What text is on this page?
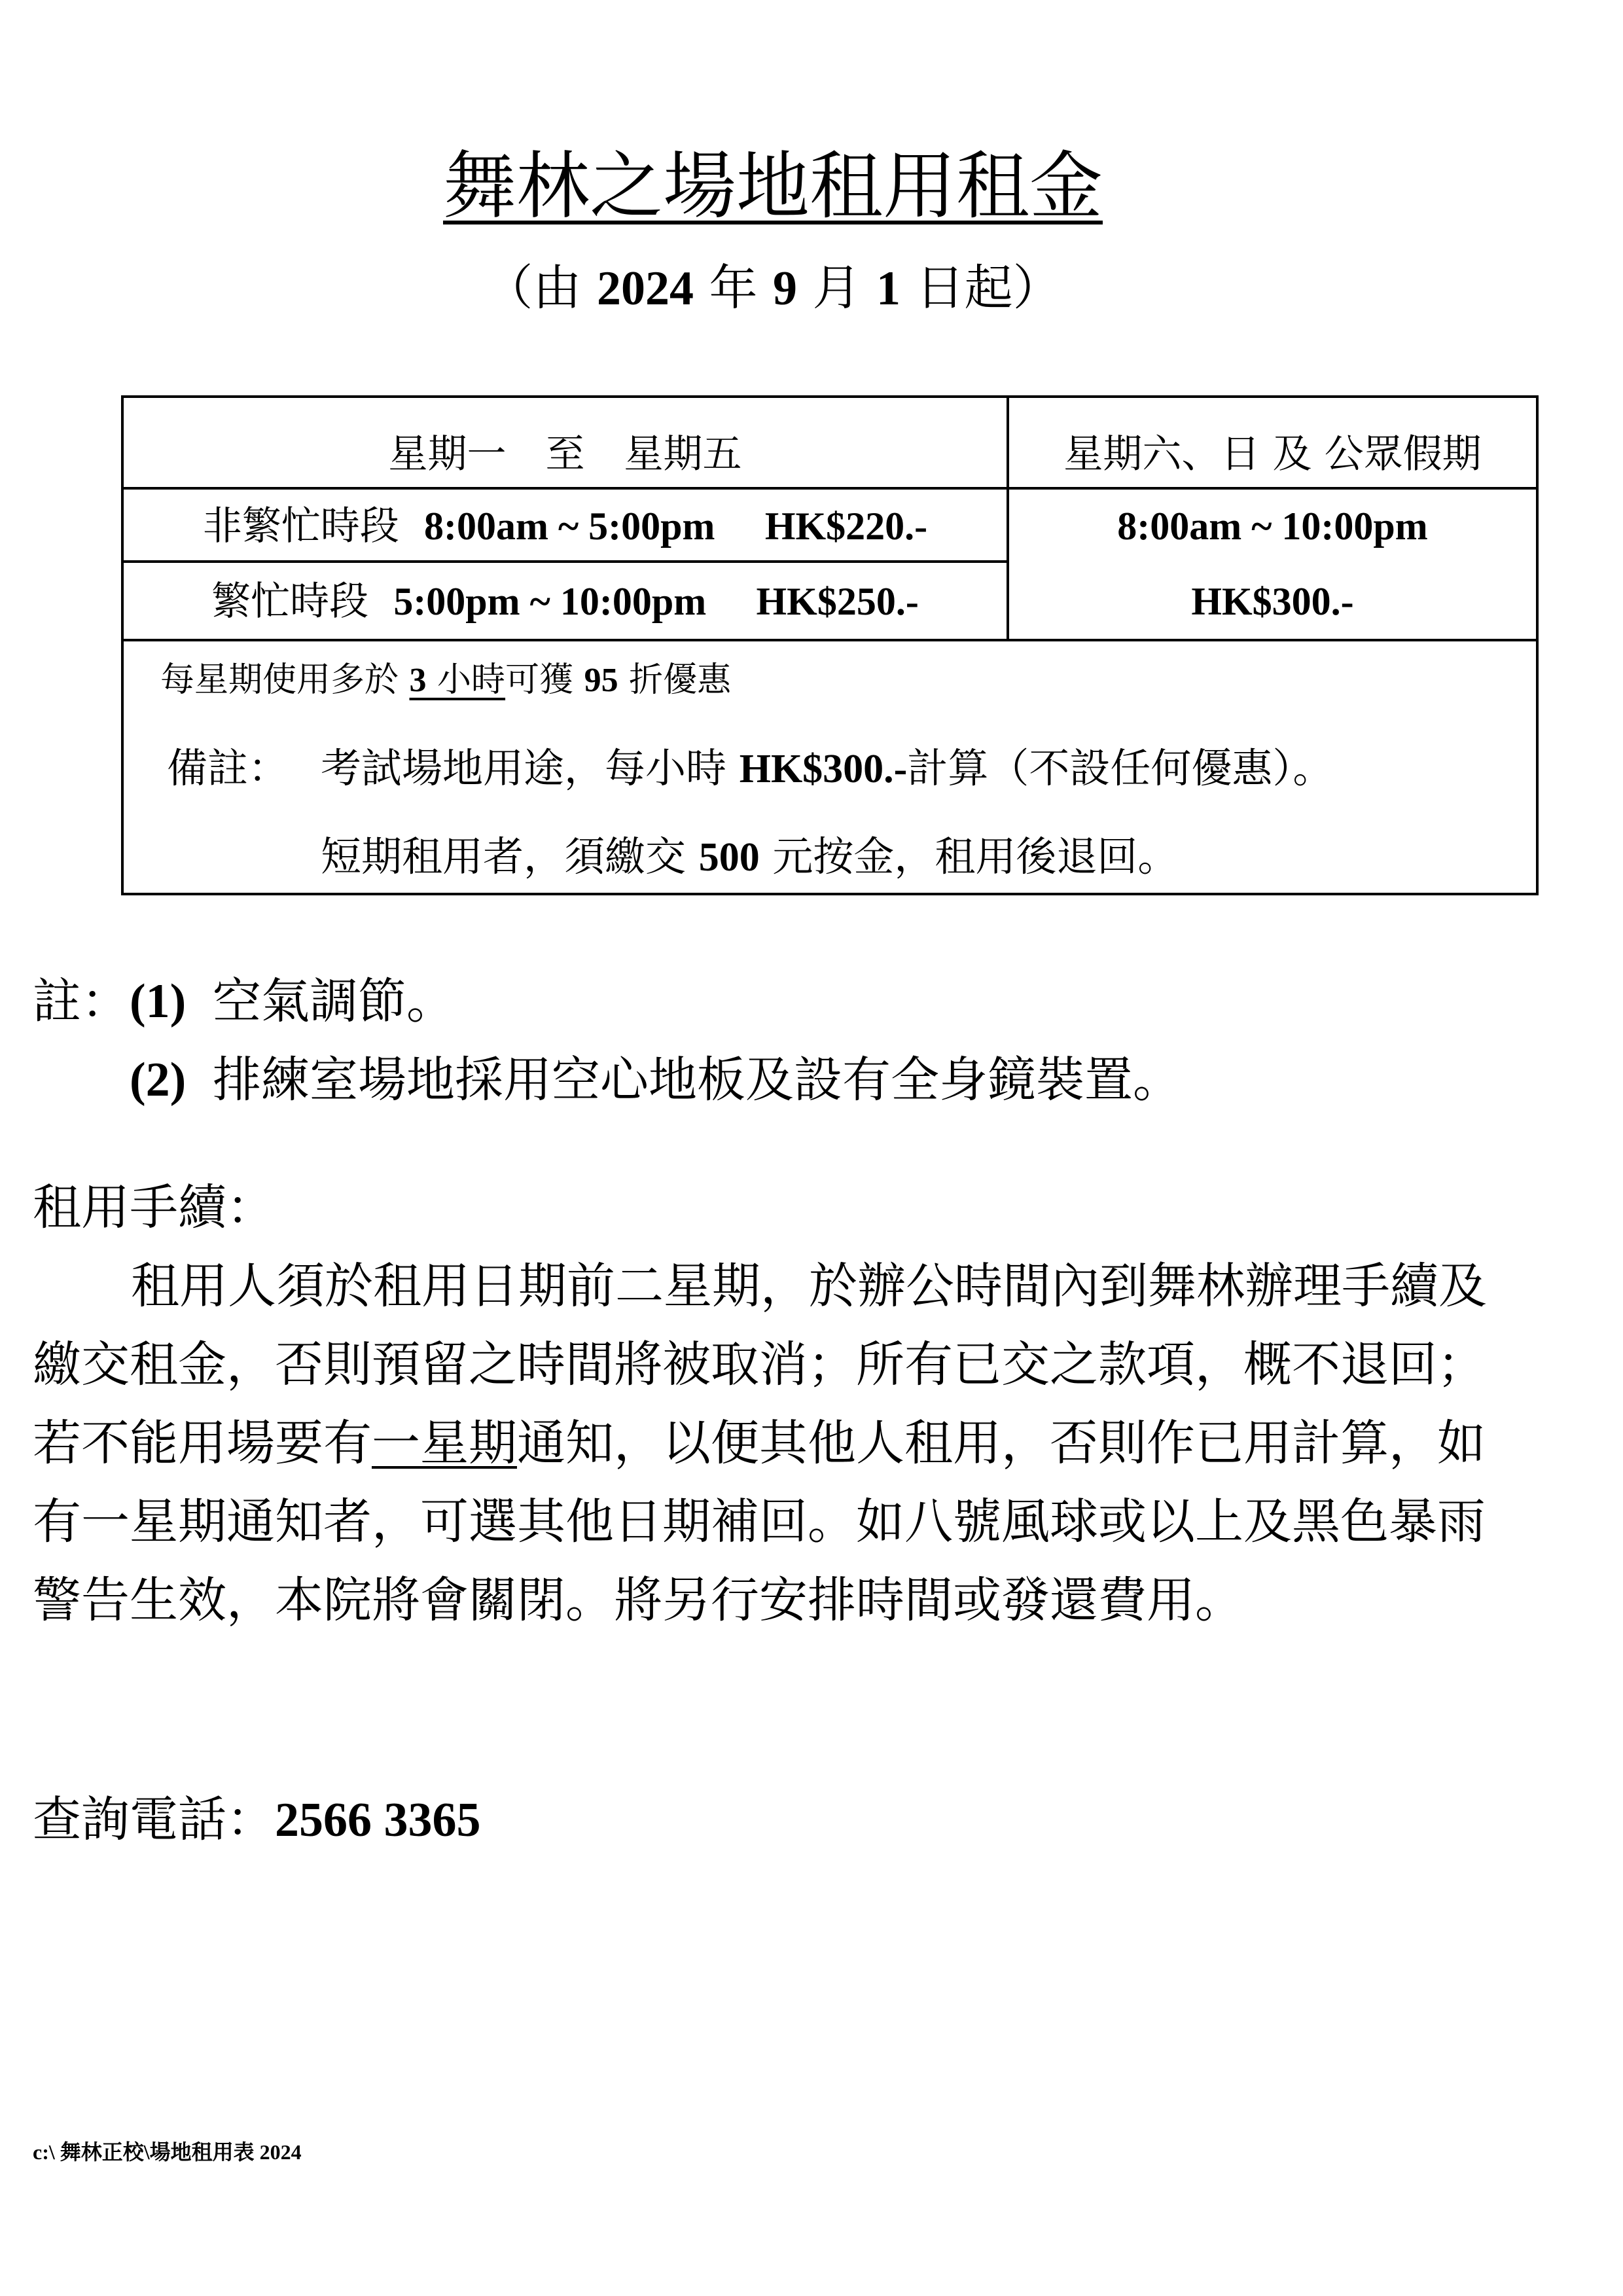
舞林之場地租用租金
（由 2024 年 9 月 1 日起）
星期一　至　星期五	星期六、日 及 公眾假期
非繁忙時段 8:00am ~ 5:00pm HK$220.-
繁忙時段 5:00pm ~ 10:00pm HK$250.-
8:00am ~ 10:00pm
HK$300.-
每星期使用多於 3 小時可獲 95 折優惠
備註： 考試場地用途，每小時 HK$300.-計算（不設任何優惠）。
短期租用者，須繳交 500 元按金，租用後退回。
註： (1) 空氣調節。
(2) 排練室場地採用空心地板及設有全身鏡裝置。
租用手續：
租用人須於租用日期前二星期，於辦公時間內到舞林辦理手續及
繳交租金，否則預留之時間將被取消；所有已交之款項，概不退回；
若不能用場要有一星期通知，以便其他人租用，否則作已用計算，如
有一星期通知者，可選其他日期補回。如八號風球或以上及黑色暴雨
警告生效，本院將會關閉。將另行安排時間或發還費用。
查詢電話：2566 3365
c:\ 舞林正校\場地租用表 2024
